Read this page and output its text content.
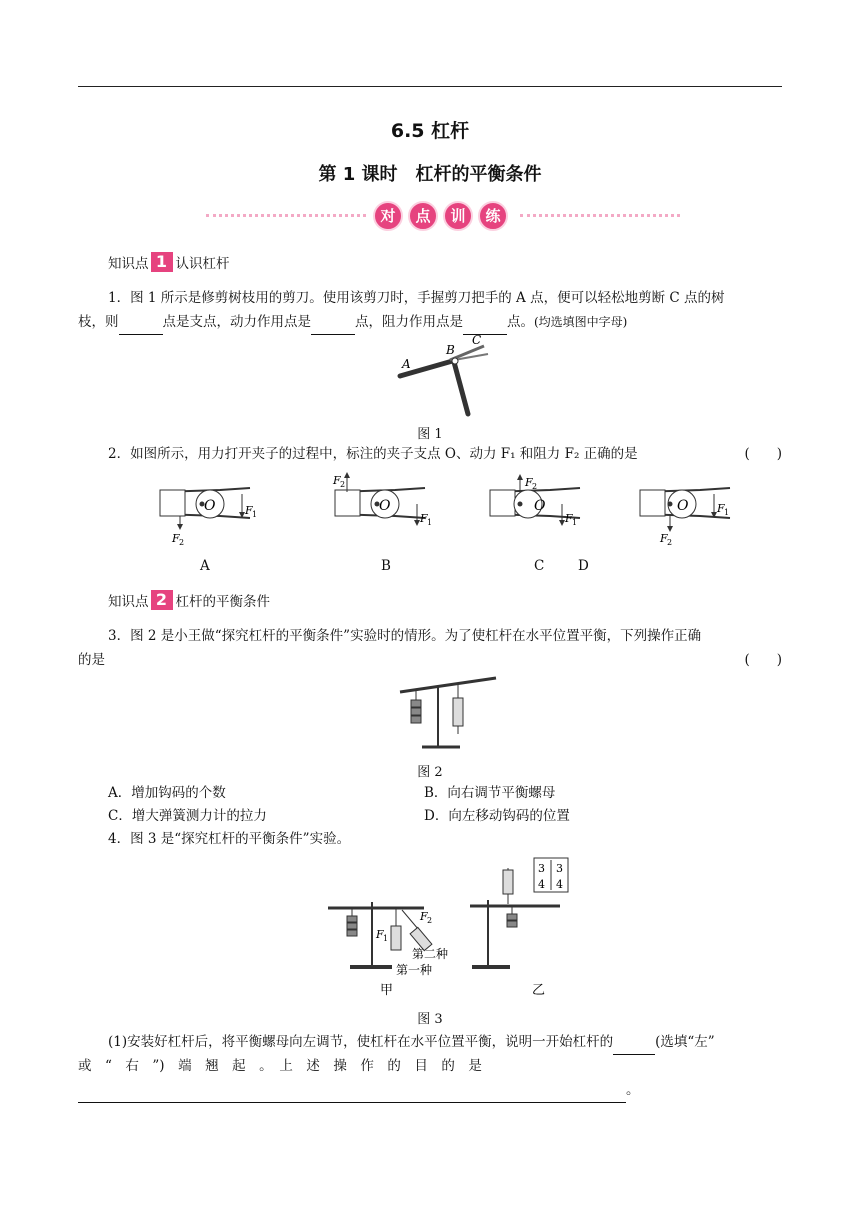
6.5 杠杆
第 1 课时　杠杆的平衡条件
对	点	训	练
知识点 1 认识杠杆
1．图 1 所示是修剪树枝用的剪刀。使用该剪刀时，手握剪刀把手的 A 点，便可以轻松地剪断 C 点的树
枝，则	点是支点，动力作用点是	点，阻力作用点是	点。(均选填图中字母)
A
B
C
图 1
2．如图所示，用力打开夹子的过程中，标注的夹子支点 O、动力 F₁ 和阻力 F₂ 正确的是	(　　)
O	F 1
F 2
O
F 1
F 2
O
F 1
F 2
O	F 1
F 2
A	B	C D
知识点 2 杠杆的平衡条件
3．图 2 是小王做“探究杠杆的平衡条件”实验时的情形。为了使杠杆在水平位置平衡，下列操作正确
的是	(　　)
图 2
A．增加钩码的个数	B．向右调节平衡螺母
C．增大弹簧测力计的拉力	D．向左移动钩码的位置
4．图 3 是“探究杠杆的平衡条件”实验。
F 1
F 2
第二种
第一种
甲
3 3
4 4
乙
图 3
(1)安装好杠杆后，将平衡螺母向左调节，使杠杆在水平位置平衡，说明一开始杠杆的	(选填“左”
或　“　右　”)　端　翘　起　。　上　述　操　作　的　目　的　是
。
